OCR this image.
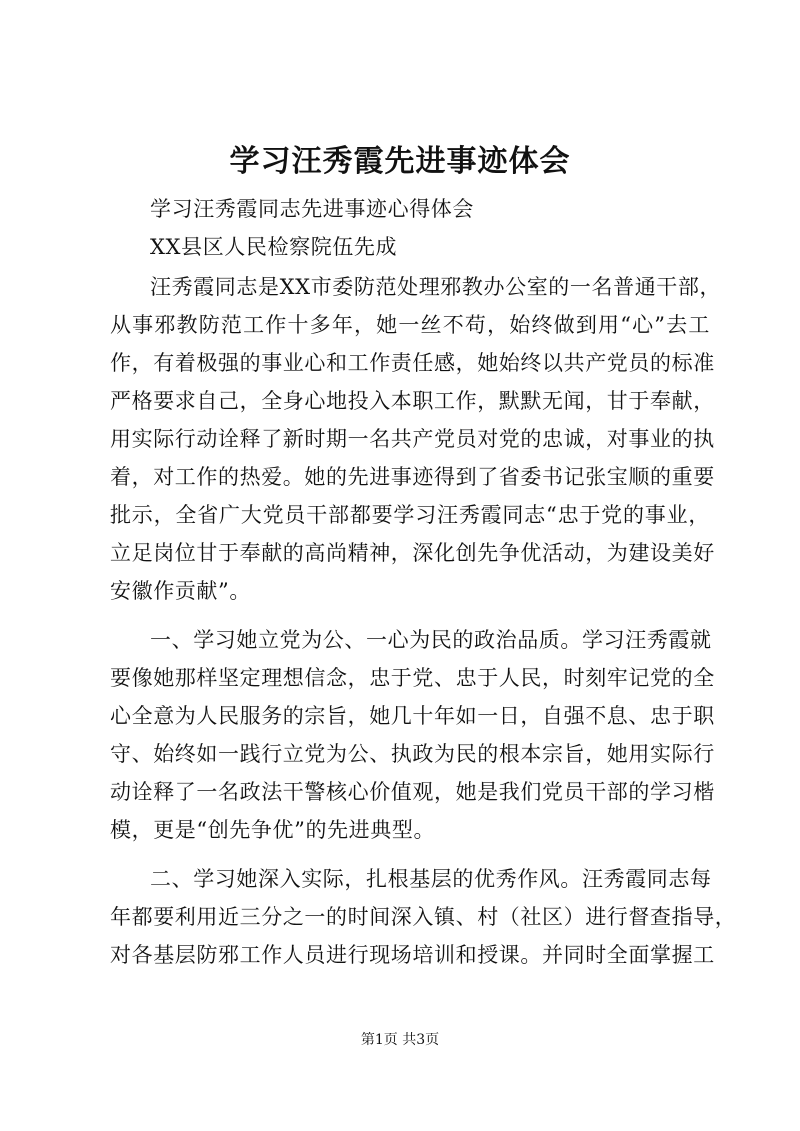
学习汪秀霞先进事迹体会

学习汪秀霞同志先进事迹心得体会

XX县区人民检察院伍先成

汪秀霞同志是XX市委防范处理邪教办公室的一名普通干部，

从事邪教防范工作十多年，她一丝不苟，始终做到用“心”去工

作，有着极强的事业心和工作责任感，她始终以共产党员的标准

严格要求自己，全身心地投入本职工作，默默无闻，甘于奉献，

用实际行动诠释了新时期一名共产党员对党的忠诚，对事业的执

着，对工作的热爱。她的先进事迹得到了省委书记张宝顺的重要

批示，全省广大党员干部都要学习汪秀霞同志“忠于党的事业，

立足岗位甘于奉献的高尚精神，深化创先争优活动，为建设美好

安徽作贡献”。

一、学习她立党为公、一心为民的政治品质。学习汪秀霞就

要像她那样坚定理想信念，忠于党、忠于人民，时刻牢记党的全

心全意为人民服务的宗旨，她几十年如一日，自强不息、忠于职

守、始终如一践行立党为公、执政为民的根本宗旨，她用实际行

动诠释了一名政法干警核心价值观，她是我们党员干部的学习楷

模，更是“创先争优”的先进典型。

二、学习她深入实际，扎根基层的优秀作风。汪秀霞同志每

年都要利用近三分之一的时间深入镇、村（社区）进行督查指导，

对各基层防邪工作人员进行现场培训和授课。并同时全面掌握工

第1页 共3页
